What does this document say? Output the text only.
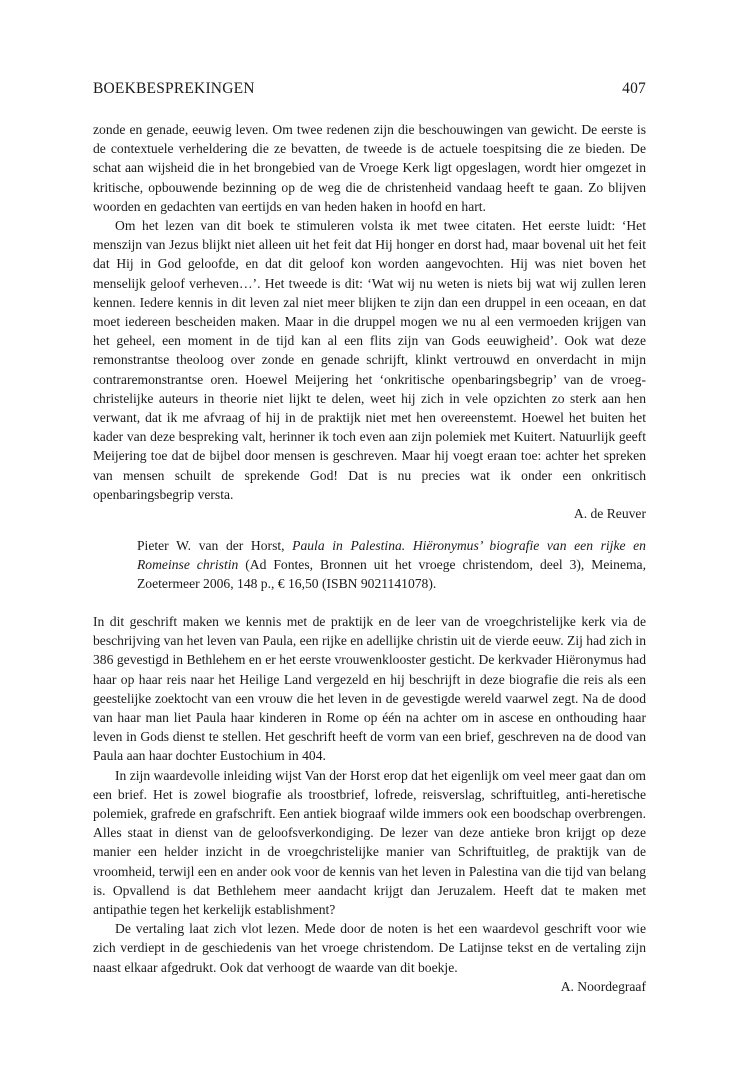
BOEKBESPREKINGEN	407

zonde en genade, eeuwig leven. Om twee redenen zijn die beschouwingen van gewicht. De eerste is de contextuele verheldering die ze bevatten, de tweede is de actuele toespitsing die ze bieden. De schat aan wijsheid die in het brongebied van de Vroege Kerk ligt opgeslagen, wordt hier omgezet in kritische, opbouwende bezinning op de weg die de christenheid vandaag heeft te gaan. Zo blijven woorden en gedachten van eertijds en van heden haken in hoofd en hart.

Om het lezen van dit boek te stimuleren volsta ik met twee citaten. Het eerste luidt: ‘Het menszijn van Jezus blijkt niet alleen uit het feit dat Hij honger en dorst had, maar bovenal uit het feit dat Hij in God geloofde, en dat dit geloof kon worden aangevochten. Hij was niet boven het menselijk geloof verheven…’. Het tweede is dit: ‘Wat wij nu weten is niets bij wat wij zullen leren kennen. Iedere kennis in dit leven zal niet meer blijken te zijn dan een druppel in een oceaan, en dat moet iedereen bescheiden maken. Maar in die druppel mogen we nu al een vermoeden krijgen van het geheel, een moment in de tijd kan al een flits zijn van Gods eeuwigheid’. Ook wat deze remonstrantse theoloog over zonde en genade schrijft, klinkt vertrouwd en onverdacht in mijn contraremonstrantse oren. Hoewel Meijering het ‘onkritische openbaringsbegrip’ van de vroeg-christelijke auteurs in theorie niet lijkt te delen, weet hij zich in vele opzichten zo sterk aan hen verwant, dat ik me afvraag of hij in de praktijk niet met hen overeenstemt. Hoewel het buiten het kader van deze bespreking valt, herinner ik toch even aan zijn polemiek met Kuitert. Natuurlijk geeft Meijering toe dat de bijbel door mensen is geschreven. Maar hij voegt eraan toe: achter het spreken van mensen schuilt de sprekende God! Dat is nu precies wat ik onder een onkritisch openbaringsbegrip versta.

A. de Reuver

Pieter W. van der Horst, Paula in Palestina. Hiëronymus’ biografie van een rijke en Romeinse christin (Ad Fontes, Bronnen uit het vroege christendom, deel 3), Meinema, Zoetermeer 2006, 148 p., € 16,50 (ISBN 9021141078).

In dit geschrift maken we kennis met de praktijk en de leer van de vroegchristelijke kerk via de beschrijving van het leven van Paula, een rijke en adellijke christin uit de vierde eeuw. Zij had zich in 386 gevestigd in Bethlehem en er het eerste vrouwenklooster gesticht. De kerkvader Hiëronymus had haar op haar reis naar het Heilige Land vergezeld en hij beschrijft in deze biografie die reis als een geestelijke zoektocht van een vrouw die het leven in de gevestigde wereld vaarwel zegt. Na de dood van haar man liet Paula haar kinderen in Rome op één na achter om in ascese en onthouding haar leven in Gods dienst te stellen. Het geschrift heeft de vorm van een brief, geschreven na de dood van Paula aan haar dochter Eustochium in 404.

In zijn waardevolle inleiding wijst Van der Horst erop dat het eigenlijk om veel meer gaat dan om een brief. Het is zowel biografie als troostbrief, lofrede, reisverslag, schriftuitleg, anti-heretische polemiek, grafrede en grafschrift. Een antiek biograaf wilde immers ook een boodschap overbrengen. Alles staat in dienst van de geloofsverkondiging. De lezer van deze antieke bron krijgt op deze manier een helder inzicht in de vroegchristelijke manier van Schriftuitleg, de praktijk van de vroomheid, terwijl een en ander ook voor de kennis van het leven in Palestina van die tijd van belang is. Opvallend is dat Bethlehem meer aandacht krijgt dan Jeruzalem. Heeft dat te maken met antipathie tegen het kerkelijk establishment?

De vertaling laat zich vlot lezen. Mede door de noten is het een waardevol geschrift voor wie zich verdiept in de geschiedenis van het vroege christendom. De Latijnse tekst en de vertaling zijn naast elkaar afgedrukt. Ook dat verhoogt de waarde van dit boekje.

A. Noordegraaf
